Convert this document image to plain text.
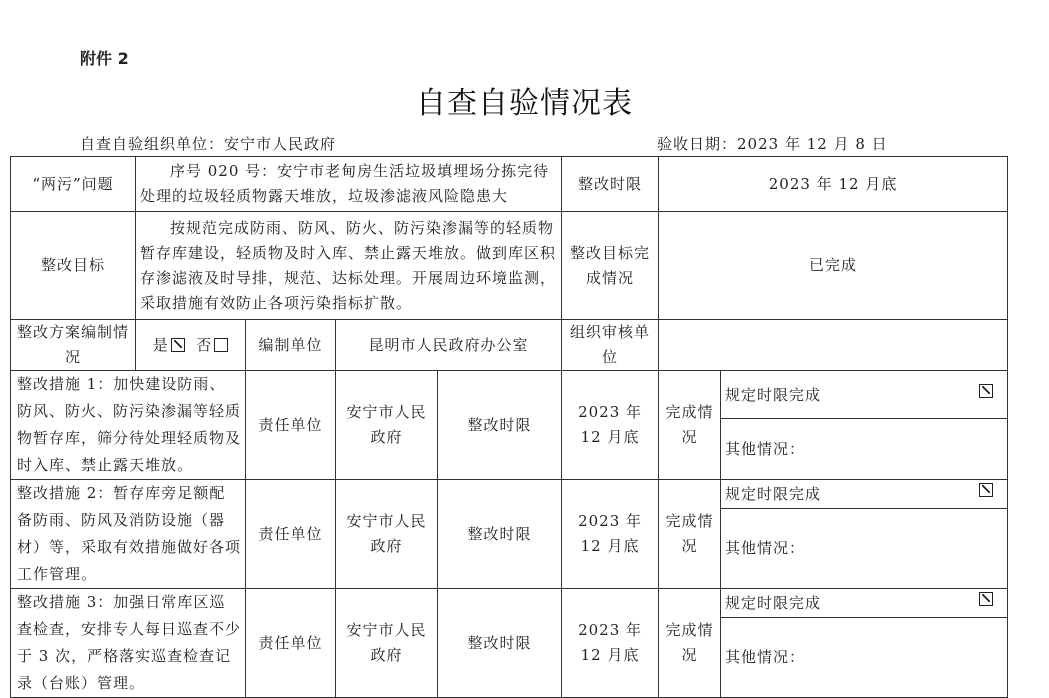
附件 2
自查自验情况表
自查自验组织单位：安宁市人民政府	验收日期：2023 年 12 月 8 日
“两污”问题	序号 020 号：安宁市老甸房生活垃圾填埋场分拣完待处理的垃圾轻质物露天堆放，垃圾渗滤液风险隐患大				整改时限	2023 年 12 月底	
整改目标	按规范完成防雨、防风、防火、防污染渗漏等的轻质物暂存库建设，轻质物及时入库、禁止露天堆放。做到库区积存渗滤液及时导排，规范、达标处理。开展周边环境监测，采取措施有效防止各项污染指标扩散。				整改目标完成情况	已完成	
整改方案编制情况	是 否	编制单位	昆明市人民政府办公室		组织审核单位		
整改措施 1：加快建设防雨、防风、防火、防污染渗漏等轻质物暂存库，筛分待处理轻质物及时入库、禁止露天堆放。		责任单位	安宁市人民政府	整改时限	2023 年 12 月底	完成情况	规定时限完成

							其他情况：
整改措施 2：暂存库旁足额配备防雨、防风及消防设施（器材）等，采取有效措施做好各项工作管理。		责任单位	安宁市人民政府	整改时限	2023 年 12 月底	完成情况	规定时限完成

							其他情况：
整改措施 3：加强日常库区巡查检查，安排专人每日巡查不少于 3 次，严格落实巡查检查记录（台账）管理。		责任单位	安宁市人民政府	整改时限	2023 年 12 月底	完成情况	规定时限完成

							其他情况：
